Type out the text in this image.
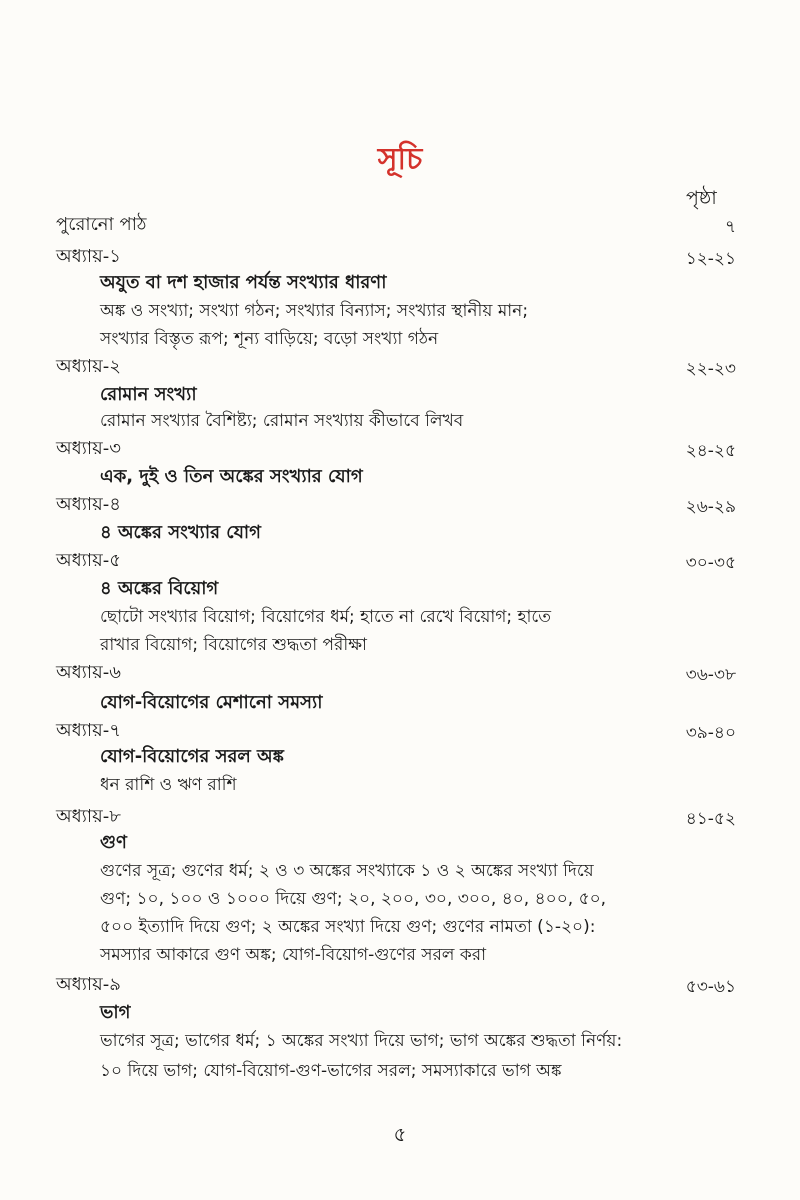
সূচি
পৃষ্ঠা
পুরোনো পাঠ	৭
অধ্যায়-১	১২-২১
অযুত বা দশ হাজার পর্যন্ত সংখ্যার ধারণা
অঙ্ক ও সংখ্যা; সংখ্যা গঠন; সংখ্যার বিন্যাস; সংখ্যার স্থানীয় মান;
সংখ্যার বিস্তৃত রূপ; শূন্য বাড়িয়ে; বড়ো সংখ্যা গঠন
অধ্যায়-২	২২-২৩
রোমান সংখ্যা
রোমান সংখ্যার বৈশিষ্ট্য; রোমান সংখ্যায় কীভাবে লিখব
অধ্যায়-৩	২৪-২৫
এক, দুই ও তিন অঙ্কের সংখ্যার যোগ
অধ্যায়-৪	২৬-২৯
৪ অঙ্কের সংখ্যার যোগ
অধ্যায়-৫	৩০-৩৫
৪ অঙ্কের বিয়োগ
ছোটো সংখ্যার বিয়োগ; বিয়োগের ধর্ম; হাতে না রেখে বিয়োগ; হাতে
রাখার বিয়োগ; বিয়োগের শুদ্ধতা পরীক্ষা
অধ্যায়-৬	৩৬-৩৮
যোগ-বিয়োগের মেশানো সমস্যা
অধ্যায়-৭	৩৯-৪০
যোগ-বিয়োগের সরল অঙ্ক
ধন রাশি ও ঋণ রাশি
অধ্যায়-৮	৪১-৫২
গুণ
গুণের সূত্র; গুণের ধর্ম; ২ ও ৩ অঙ্কের সংখ্যাকে ১ ও ২ অঙ্কের সংখ্যা দিয়ে
গুণ; ১০, ১০০ ও ১০০০ দিয়ে গুণ; ২০, ২০০, ৩০, ৩০০, ৪০, ৪০০, ৫০,
৫০০ ইত্যাদি দিয়ে গুণ; ২ অঙ্কের সংখ্যা দিয়ে গুণ; গুণের নামতা (১-২০):
সমস্যার আকারে গুণ অঙ্ক; যোগ-বিয়োগ-গুণের সরল করা
অধ্যায়-৯	৫৩-৬১
ভাগ
ভাগের সূত্র; ভাগের ধর্ম; ১ অঙ্কের সংখ্যা দিয়ে ভাগ; ভাগ অঙ্কের শুদ্ধতা নির্ণয়:
১০ দিয়ে ভাগ; যোগ-বিয়োগ-গুণ-ভাগের সরল; সমস্যাকারে ভাগ অঙ্ক
৫
